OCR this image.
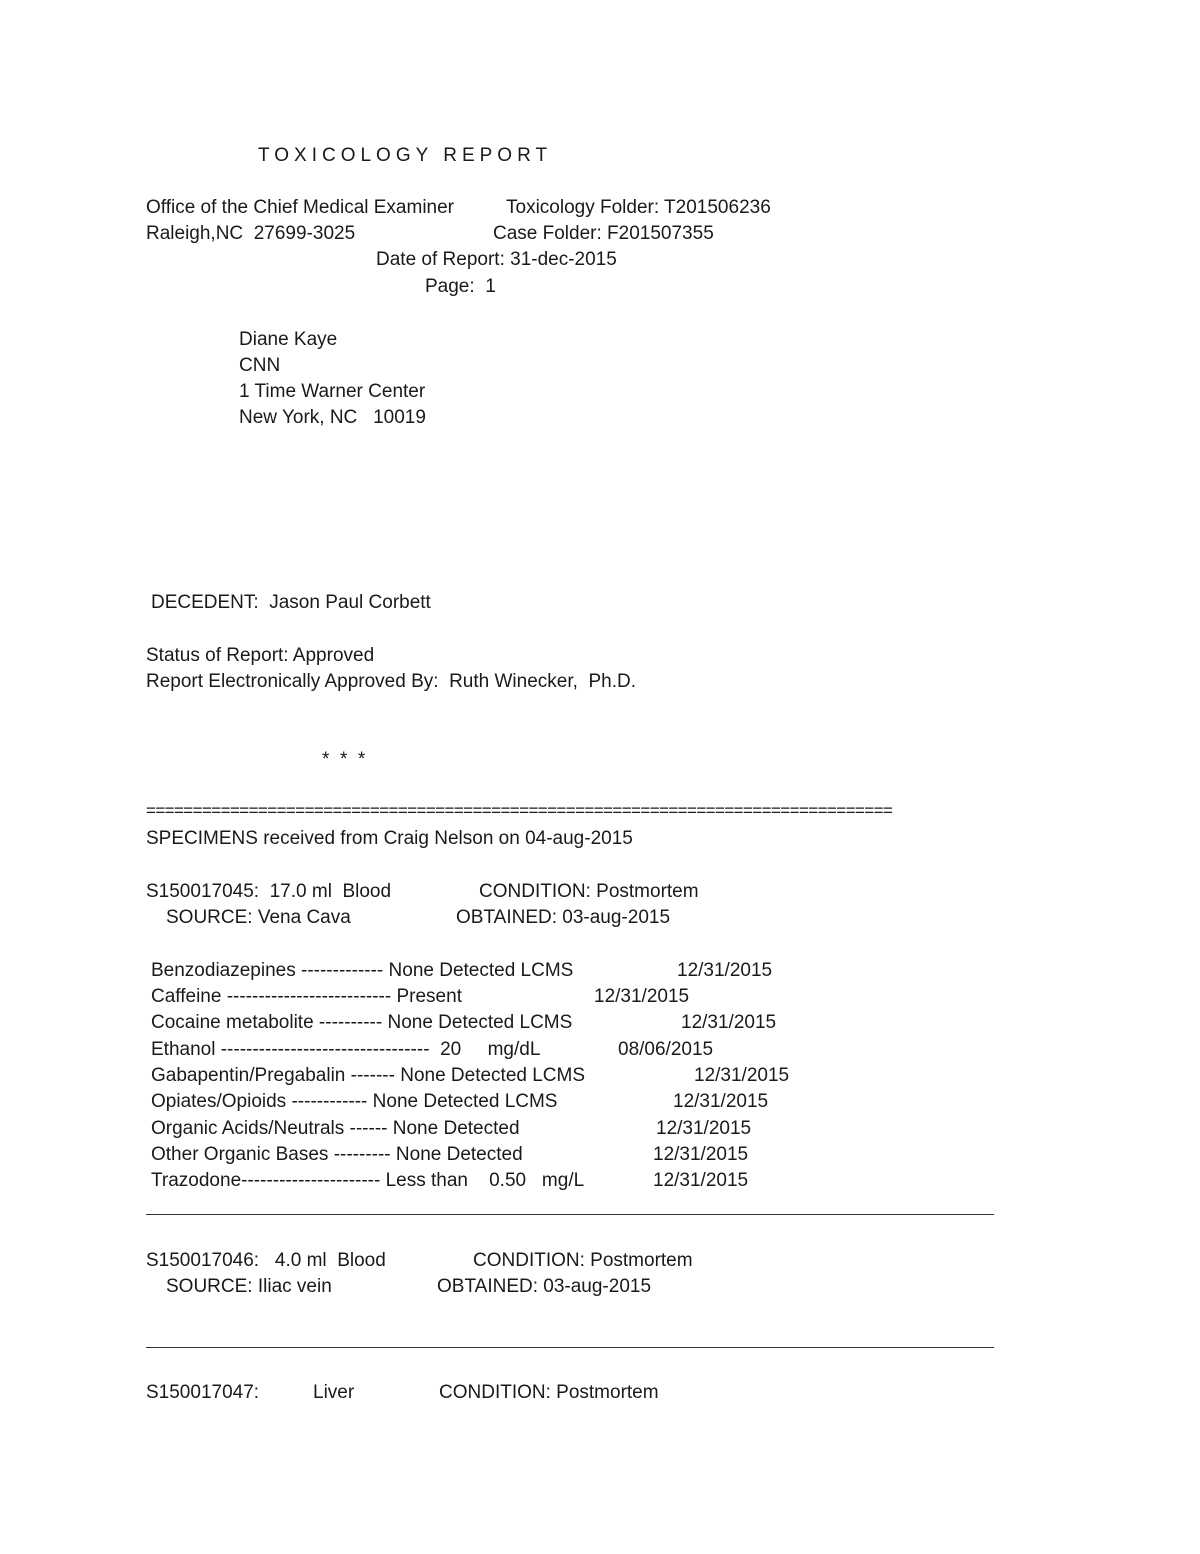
TOXICOLOGY REPORT
Office of the Chief Medical Examiner	Toxicology Folder: T201506236
Raleigh,NC  27699-3025	Case Folder: F201507355
Date of Report: 31-dec-2015
Page:  1
Diane Kaye
CNN
1 Time Warner Center
New York, NC   10019
DECEDENT:  Jason Paul Corbett
Status of Report: Approved
Report Electronically Approved By:  Ruth Winecker,  Ph.D.
*  *  *
================================================================================
SPECIMENS received from Craig Nelson on 04-aug-2015
S150017045:  17.0 ml  Blood	CONDITION: Postmortem
SOURCE: Vena Cava	OBTAINED: 03-aug-2015
Benzodiazepines ------------- None Detected LCMS	12/31/2015
Caffeine -------------------------- Present	12/31/2015
Cocaine metabolite ---------- None Detected LCMS	12/31/2015
Ethanol ---------------------------------  20     mg/dL	08/06/2015
Gabapentin/Pregabalin ------- None Detected LCMS	12/31/2015
Opiates/Opioids ------------ None Detected LCMS	12/31/2015
Organic Acids/Neutrals ------ None Detected	12/31/2015
Other Organic Bases --------- None Detected	12/31/2015
Trazodone---------------------- Less than    0.50   mg/L	12/31/2015
S150017046:   4.0 ml  Blood	CONDITION: Postmortem
SOURCE: Iliac vein	OBTAINED: 03-aug-2015
S150017047:	Liver	CONDITION: Postmortem
